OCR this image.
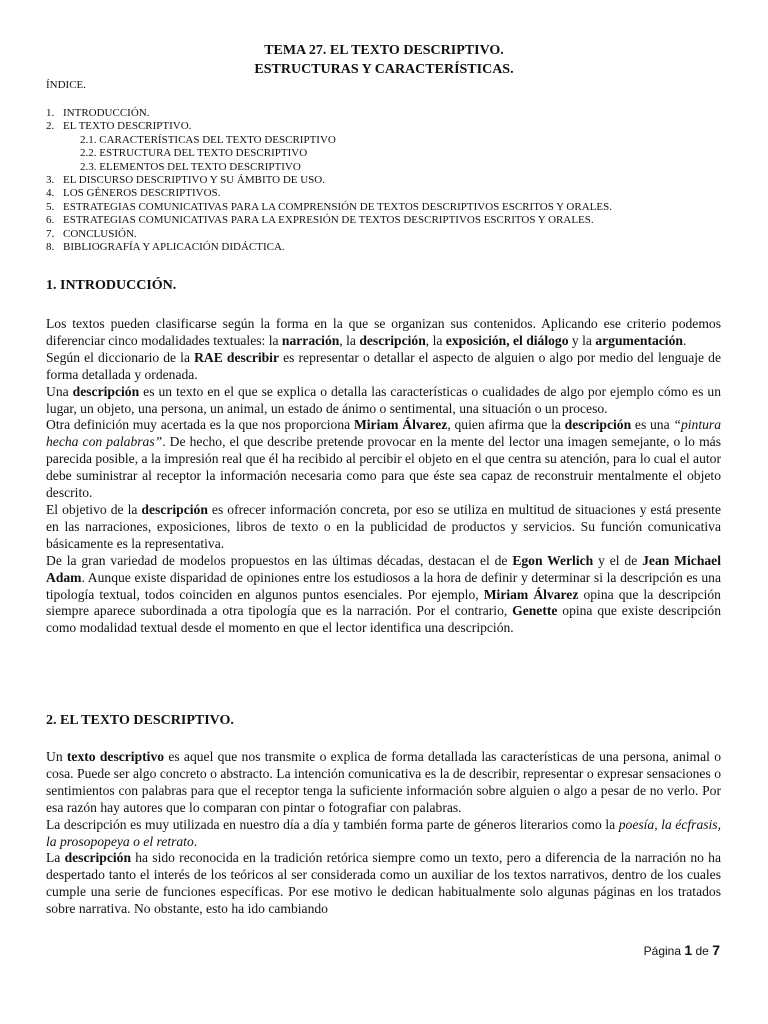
TEMA 27. EL TEXTO DESCRIPTIVO.
ESTRUCTURAS Y CARACTERÍSTICAS.
ÍNDICE.
1. INTRODUCCIÓN.
2. EL TEXTO DESCRIPTIVO.
2.1. CARACTERÍSTICAS DEL TEXTO DESCRIPTIVO
2.2. ESTRUCTURA DEL TEXTO DESCRIPTIVO
2.3. ELEMENTOS DEL TEXTO DESCRIPTIVO
3. EL DISCURSO DESCRIPTIVO Y SU ÁMBITO DE USO.
4. LOS GÉNEROS DESCRIPTIVOS.
5. ESTRATEGIAS COMUNICATIVAS PARA LA COMPRENSIÓN DE TEXTOS DESCRIPTIVOS ESCRITOS Y ORALES.
6. ESTRATEGIAS COMUNICATIVAS PARA LA EXPRESIÓN DE TEXTOS DESCRIPTIVOS ESCRITOS Y ORALES.
7. CONCLUSIÓN.
8. BIBLIOGRAFÍA Y APLICACIÓN DIDÁCTICA.
1. INTRODUCCIÓN.

Los textos pueden clasificarse según la forma en la que se organizan sus contenidos. Aplicando ese criterio podemos diferenciar cinco modalidades textuales: la narración, la descripción, la exposición, el diálogo y la argumentación.

Según el diccionario de la RAE describir es representar o detallar el aspecto de alguien o algo por medio del lenguaje de forma detallada y ordenada.

Una descripción es un texto en el que se explica o detalla las características o cualidades de algo por ejemplo cómo es un lugar, un objeto, una persona, un animal, un estado de ánimo o sentimental, una situación o un proceso.

Otra definición muy acertada es la que nos proporciona Miriam Álvarez, quien afirma que la descripción es una “pintura hecha con palabras”. De hecho, el que describe pretende provocar en la mente del lector una imagen semejante, o lo más parecida posible, a la impresión real que él ha recibido al percibir el objeto en el que centra su atención, para lo cual el autor debe suministrar al receptor la información necesaria como para que éste sea capaz de reconstruir mentalmente el objeto descrito.

El objetivo de la descripción es ofrecer información concreta, por eso se utiliza en multitud de situaciones y está presente en las narraciones, exposiciones, libros de texto o en la publicidad de productos y servicios. Su función comunicativa básicamente es la representativa.

De la gran variedad de modelos propuestos en las últimas décadas, destacan el de Egon Werlich y el de Jean Michael Adam. Aunque existe disparidad de opiniones entre los estudiosos a la hora de definir y determinar si la descripción es una tipología textual, todos coinciden en algunos puntos esenciales. Por ejemplo, Miriam Álvarez opina que la descripción siempre aparece subordinada a otra tipología que es la narración. Por el contrario, Genette opina que existe descripción como modalidad textual desde el momento en que el lector identifica una descripción.

2. EL TEXTO DESCRIPTIVO.

Un texto descriptivo es aquel que nos transmite o explica de forma detallada las características de una persona, animal o cosa. Puede ser algo concreto o abstracto. La intención comunicativa es la de describir, representar o expresar sensaciones o sentimientos con palabras para que el receptor tenga la suficiente información sobre alguien o algo a pesar de no verlo. Por esa razón hay autores que lo comparan con pintar o fotografiar con palabras.

La descripción es muy utilizada en nuestro día a día y también forma parte de géneros literarios como la poesía, la écfrasis, la prosopopeya o el retrato.

La descripción ha sido reconocida en la tradición retórica siempre como un texto, pero a diferencia de la narración no ha despertado tanto el interés de los teóricos al ser considerada como un auxiliar de los textos narrativos, dentro de los cuales cumple una serie de funciones específicas. Por ese motivo le dedican habitualmente solo algunas páginas en los tratados sobre narrativa. No obstante, esto ha ido cambiando

Página 1 de 7
